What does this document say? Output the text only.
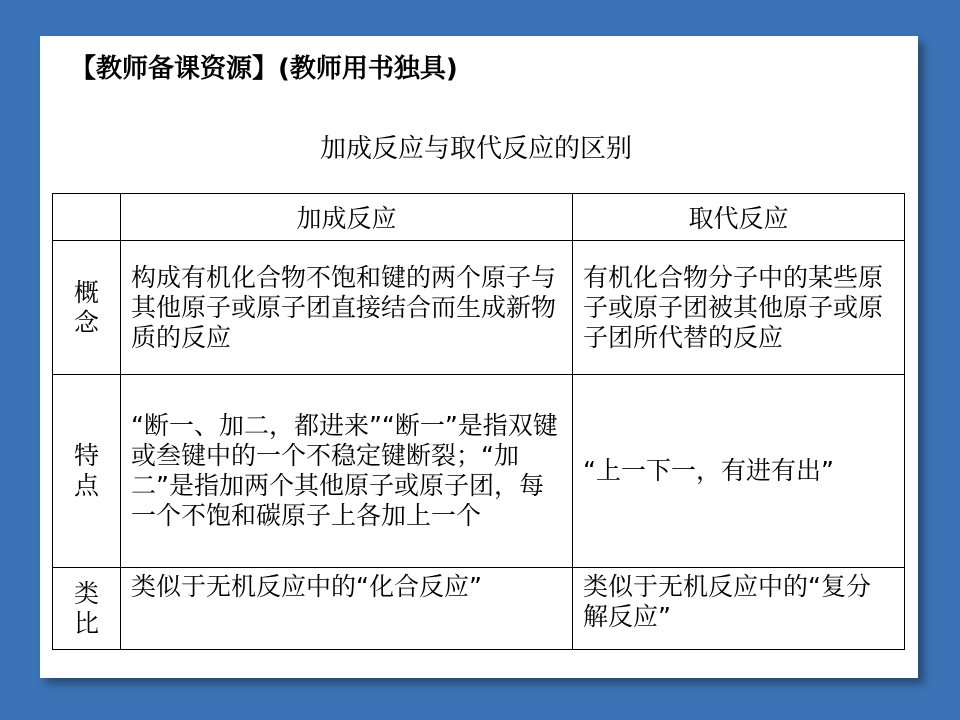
【教师备课资源】(教师用书独具)
加成反应与取代反应的区别
	加成反应	取代反应

概
念	构成有机化合物不饱和键的两个原子与其他原子或原子团直接结合而生成新物质的反应	有机化合物分子中的某些原子或原子团被其他原子或原子团所代替的反应

特
点	“断一、加二，都进来”“断一”是指双键或叁键中的一个不稳定键断裂；“加二”是指加两个其他原子或原子团，每一个不饱和碳原子上各加上一个	“上一下一，有进有出”

类
比	类似于无机反应中的“化合反应”	类似于无机反应中的“复分解反应”
